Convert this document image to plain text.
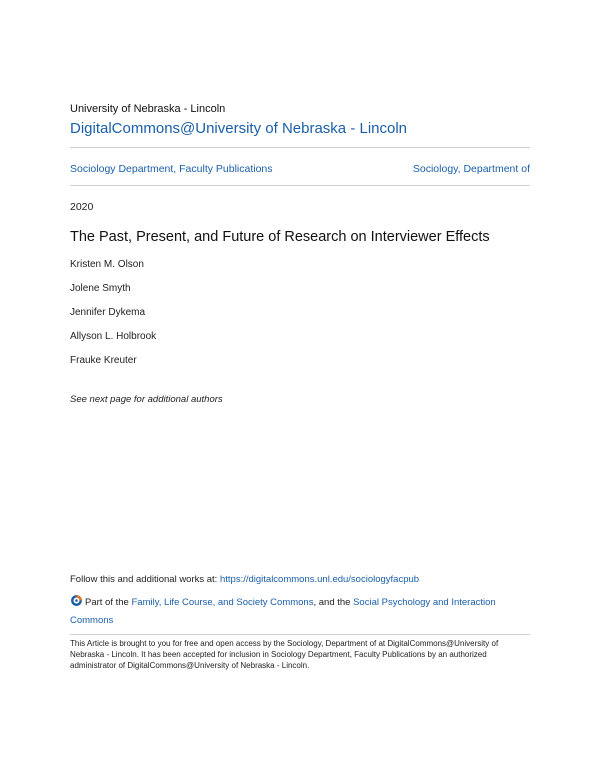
University of Nebraska - Lincoln
DigitalCommons@University of Nebraska - Lincoln
Sociology Department, Faculty Publications	Sociology, Department of
2020
The Past, Present, and Future of Research on Interviewer Effects
Kristen M. Olson
Jolene Smyth
Jennifer Dykema
Allyson L. Holbrook
Frauke Kreuter
See next page for additional authors
Follow this and additional works at: https://digitalcommons.unl.edu/sociologyfacpub
Part of the Family, Life Course, and Society Commons, and the Social Psychology and Interaction Commons
This Article is brought to you for free and open access by the Sociology, Department of at DigitalCommons@University of Nebraska - Lincoln. It has been accepted for inclusion in Sociology Department, Faculty Publications by an authorized administrator of DigitalCommons@University of Nebraska - Lincoln.
